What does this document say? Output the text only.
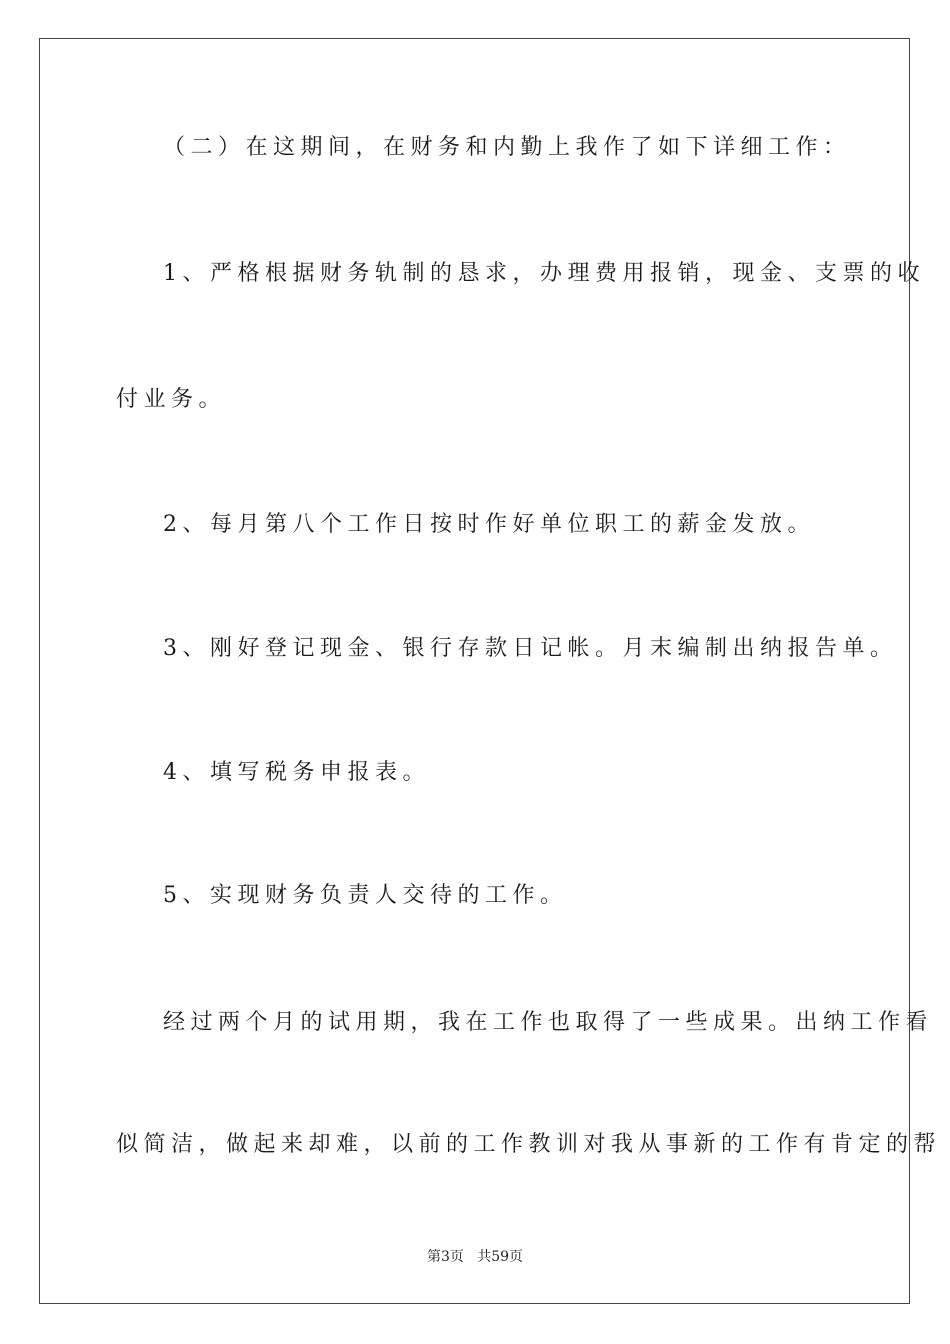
（二）在这期间，在财务和内勤上我作了如下详细工作：
1、严格根据财务轨制的恳求，办理费用报销，现金、支票的收
付业务。
2、每月第八个工作日按时作好单位职工的薪金发放。
3、刚好登记现金、银行存款日记帐。月末编制出纳报告单。
4、填写税务申报表。
5、实现财务负责人交待的工作。
经过两个月的试用期，我在工作也取得了一些成果。出纳工作看
似简洁，做起来却难，以前的工作教训对我从事新的工作有肯定的帮
第3页   共59页
